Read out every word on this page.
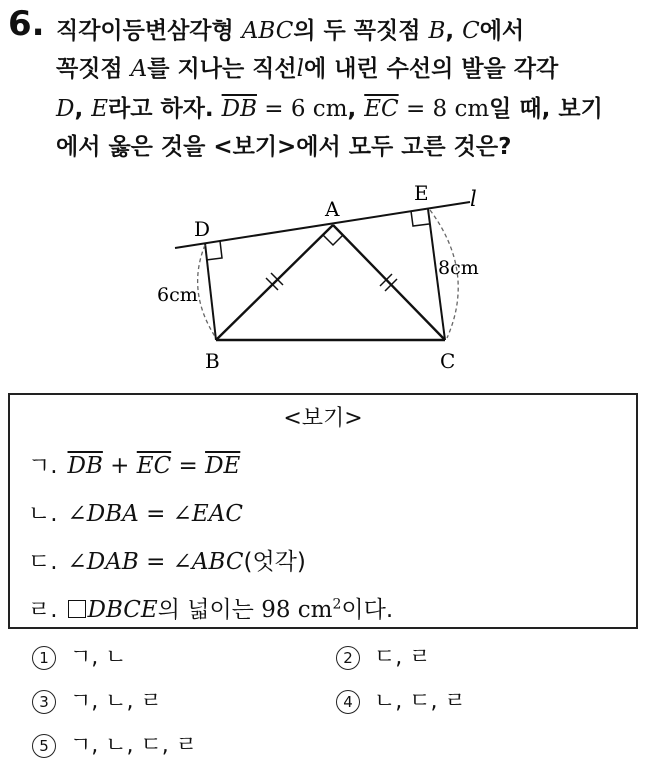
6. 직각이등변삼각형 ABC의 두 꼭짓점 B, C에서
꼭짓점 A를 지나는 직선l에 내린 수선의 발을 각각
D, E라고 하자. $\overline{DB} = 6$ cm, $\overline{EC} = 8$ cm일 때, 보기
에서 옳은 것을 <보기>에서 모두 고른 것은?
A
B	C
D
E l
6cm
8cm
<보기>
ㄱ. $\overline{DB} + \overline{EC} = \overline{DE}$
ㄴ. ∠DBA = ∠EAC
ㄷ. ∠DAB = ∠ABC(엇각)
ㄹ. DBCE의 넓이는 98 $cm^2$이다.
1 ㄱ, ㄴ	2 ㄷ, ㄹ
3 ㄱ, ㄴ, ㄹ	4 ㄴ, ㄷ, ㄹ
5 ㄱ, ㄴ, ㄷ, ㄹ
